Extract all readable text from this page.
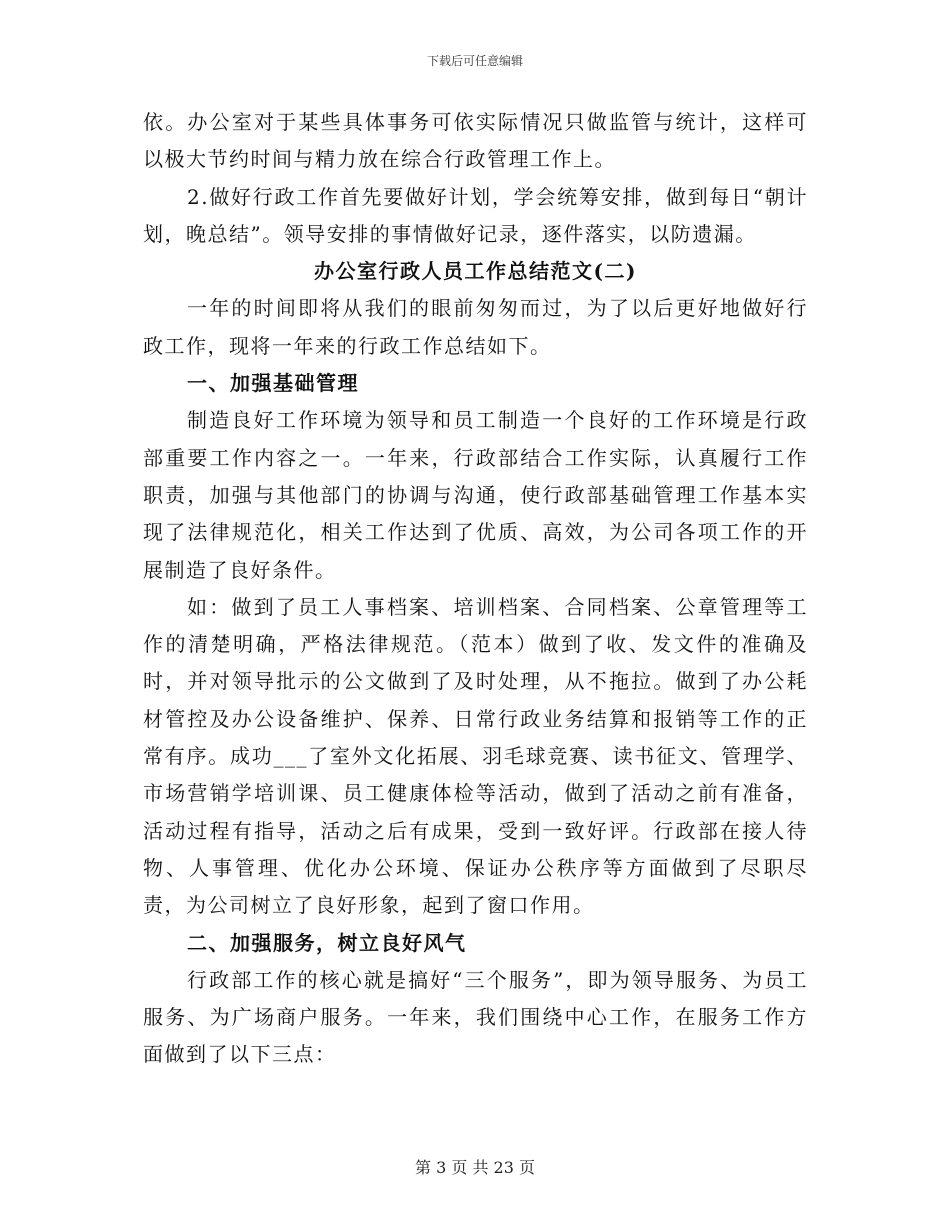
下载后可任意编辑

依。办公室对于某些具体事务可依实际情况只做监管与统计，这样可以极大节约时间与精力放在综合行政管理工作上。

2.做好行政工作首先要做好计划，学会统筹安排，做到每日“朝计划，晚总结”。领导安排的事情做好记录，逐件落实，以防遗漏。

办公室行政人员工作总结范文(二)

一年的时间即将从我们的眼前匆匆而过，为了以后更好地做好行政工作，现将一年来的行政工作总结如下。

一、加强基础管理

制造良好工作环境为领导和员工制造一个良好的工作环境是行政部重要工作内容之一。一年来，行政部结合工作实际，认真履行工作职责，加强与其他部门的协调与沟通，使行政部基础管理工作基本实现了法律规范化，相关工作达到了优质、高效，为公司各项工作的开展制造了良好条件。

如：做到了员工人事档案、培训档案、合同档案、公章管理等工作的清楚明确，严格法律规范。（范本）做到了收、发文件的准确及时，并对领导批示的公文做到了及时处理，从不拖拉。做到了办公耗材管控及办公设备维护、保养、日常行政业务结算和报销等工作的正常有序。成功___了室外文化拓展、羽毛球竞赛、读书征文、管理学、市场营销学培训课、员工健康体检等活动，做到了活动之前有准备，活动过程有指导，活动之后有成果，受到一致好评。行政部在接人待物、人事管理、优化办公环境、保证办公秩序等方面做到了尽职尽责，为公司树立了良好形象，起到了窗口作用。

二、加强服务，树立良好风气

行政部工作的核心就是搞好“三个服务”，即为领导服务、为员工服务、为广场商户服务。一年来，我们围绕中心工作，在服务工作方面做到了以下三点：

第 3 页 共 23 页
